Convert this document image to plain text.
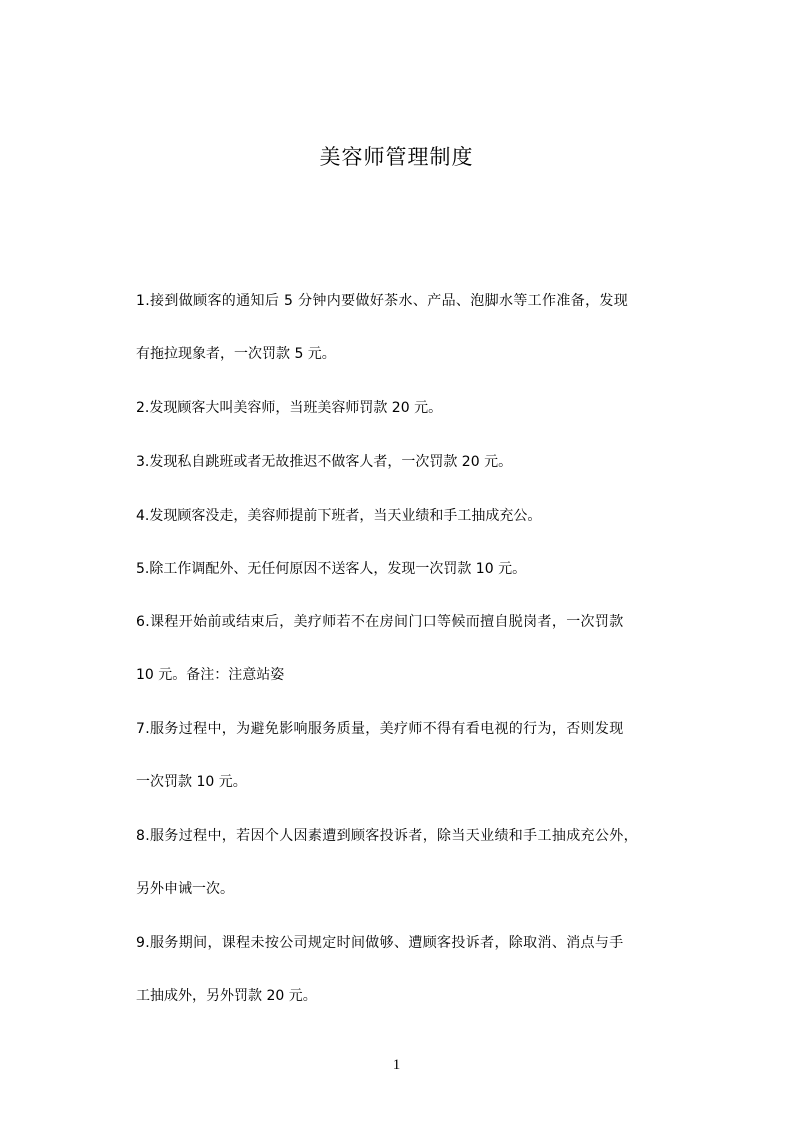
美容师管理制度
1.接到做顾客的通知后 5 分钟内要做好茶水、产品、泡脚水等工作准备，发现
有拖拉现象者，一次罚款 5 元。
2.发现顾客大叫美容师，当班美容师罚款 20 元。
3.发现私自跳班或者无故推迟不做客人者，一次罚款 20 元。
4.发现顾客没走，美容师提前下班者，当天业绩和手工抽成充公。
5.除工作调配外、无任何原因不送客人，发现一次罚款 10 元。
6.课程开始前或结束后，美疗师若不在房间门口等候而擅自脱岗者，一次罚款
10 元。备注：注意站姿
7.服务过程中，为避免影响服务质量，美疗师不得有看电视的行为，否则发现
一次罚款 10 元。
8.服务过程中，若因个人因素遭到顾客投诉者，除当天业绩和手工抽成充公外，
另外申诫一次。
9.服务期间，课程未按公司规定时间做够、遭顾客投诉者，除取消、消点与手
工抽成外，另外罚款 20 元。
1
